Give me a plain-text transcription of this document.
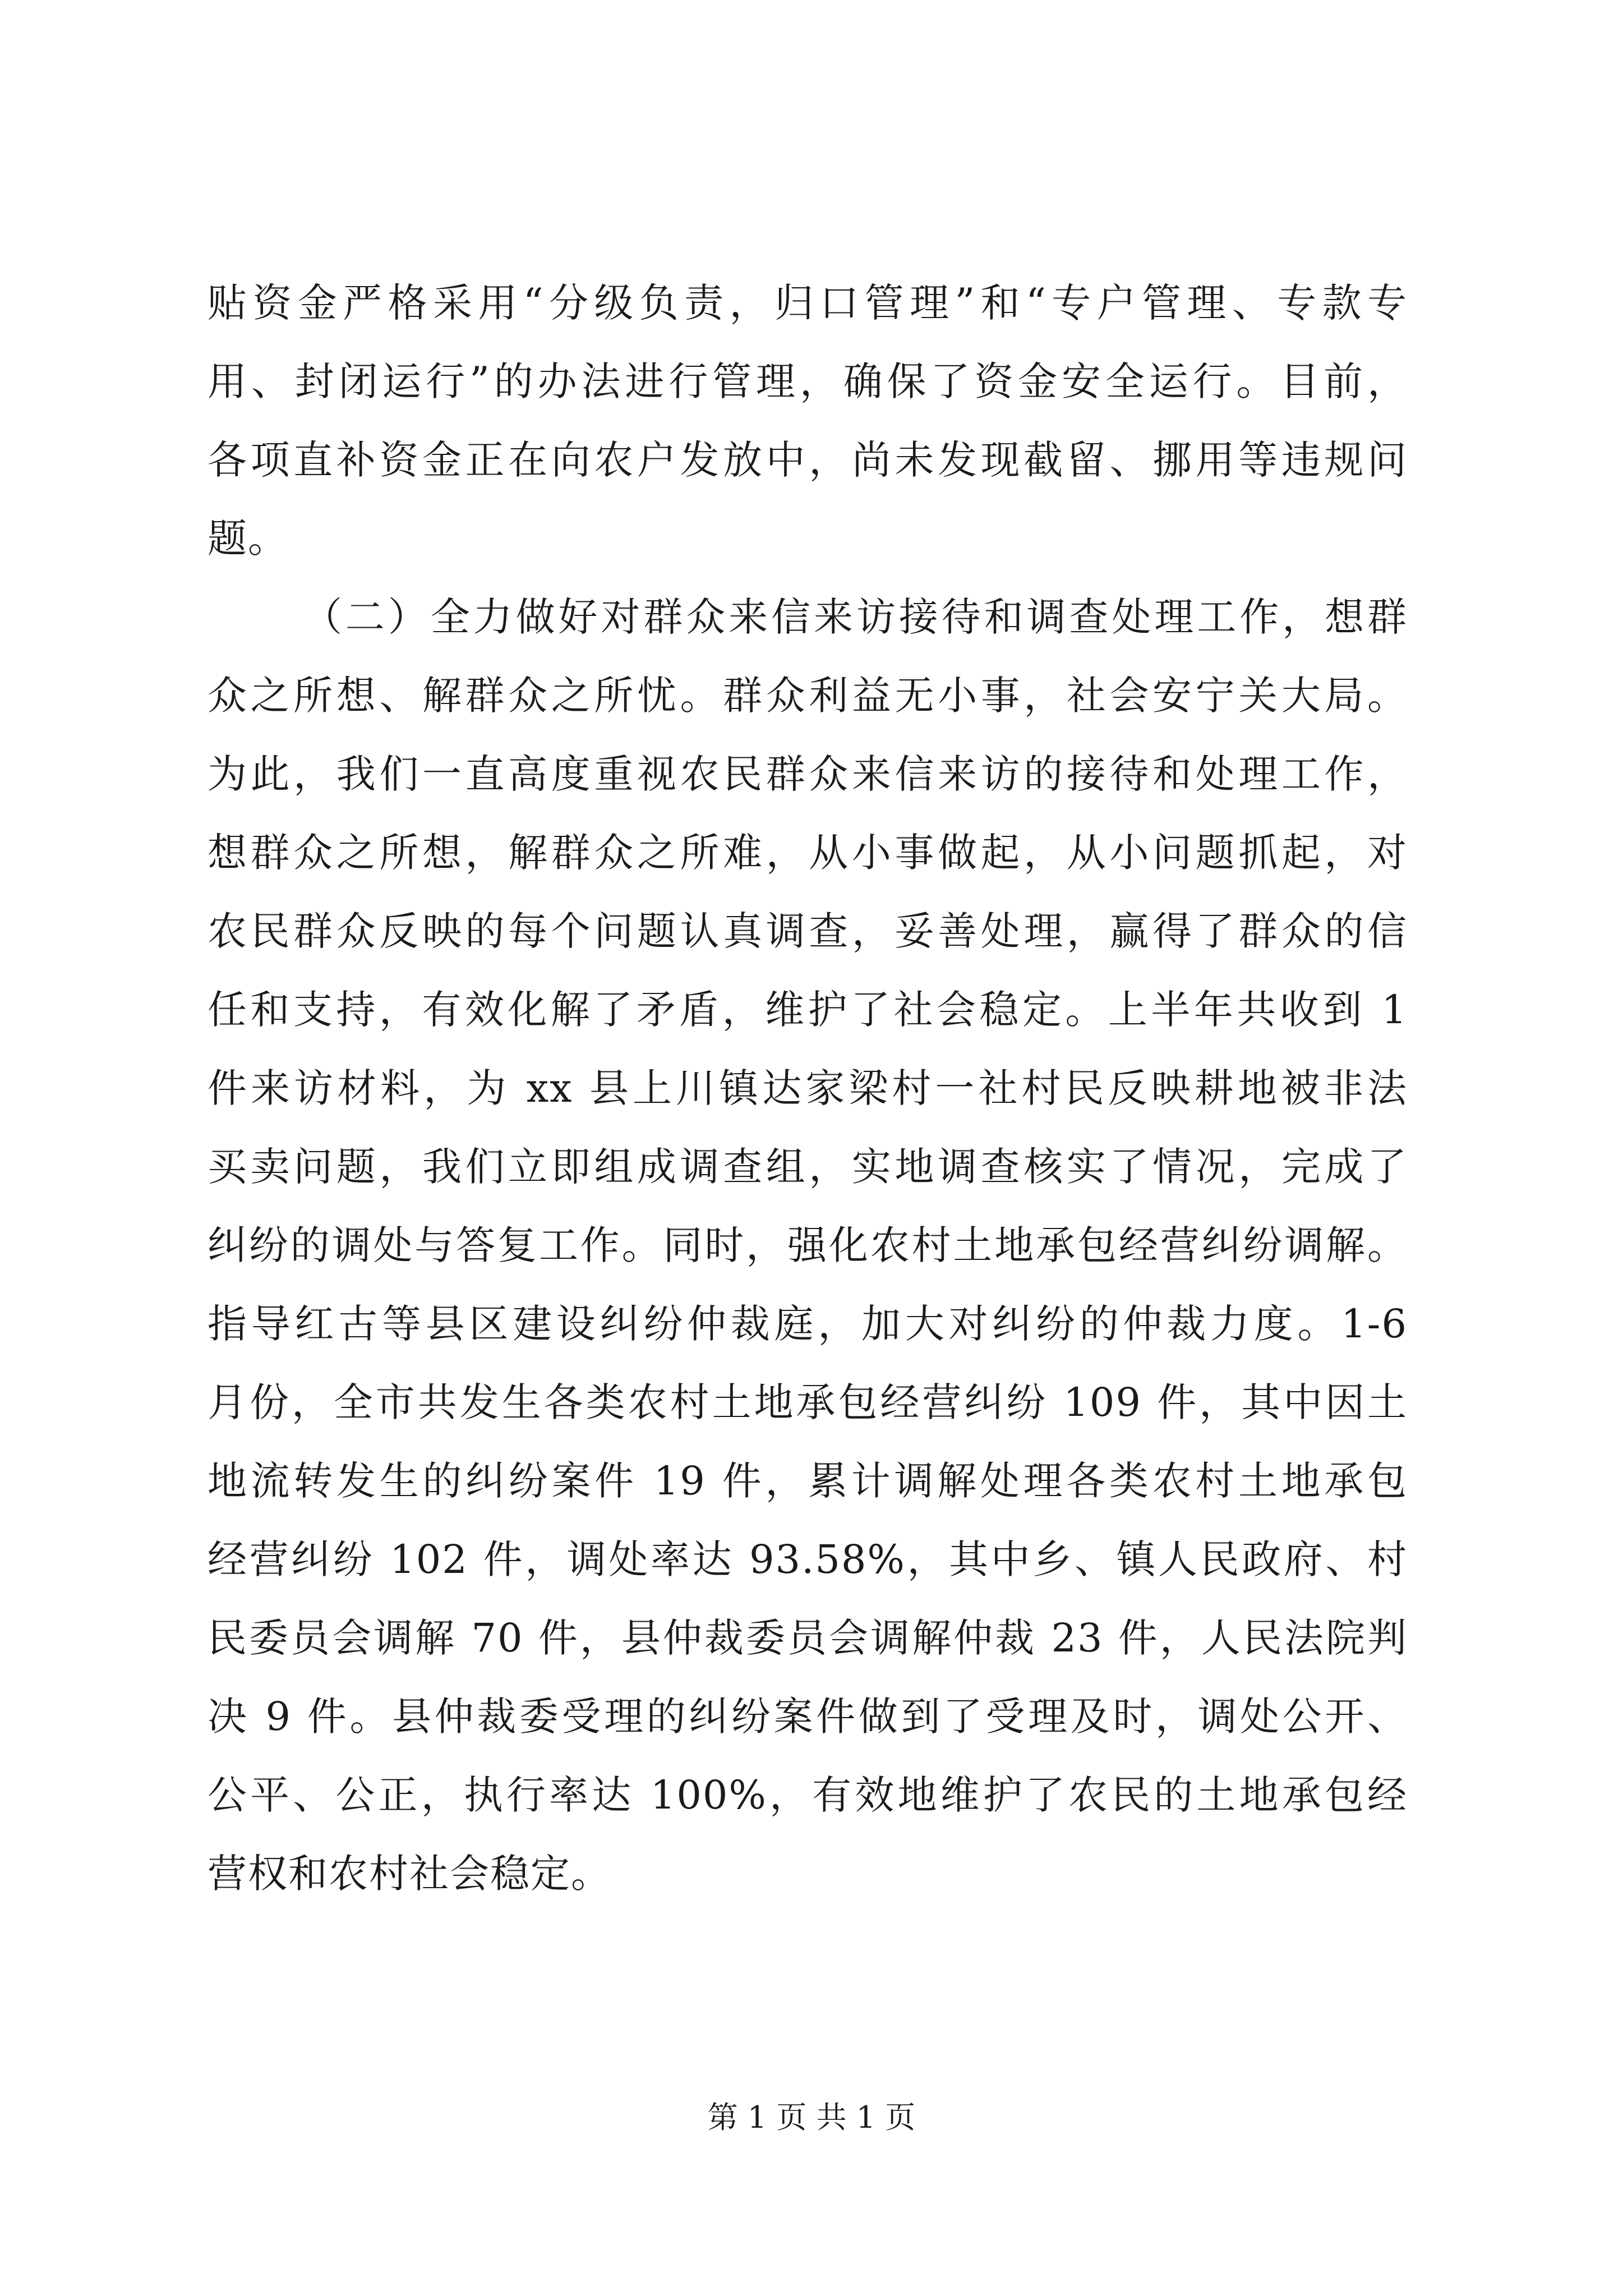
贴资金严格采用“分级负责，归口管理”和“专户管理、专款专
用、封闭运行”的办法进行管理，确保了资金安全运行。目前，
各项直补资金正在向农户发放中，尚未发现截留、挪用等违规问
题。
（二）全力做好对群众来信来访接待和调查处理工作，想群
众之所想、解群众之所忧。群众利益无小事，社会安宁关大局。
为此，我们一直高度重视农民群众来信来访的接待和处理工作，
想群众之所想，解群众之所难，从小事做起，从小问题抓起，对
农民群众反映的每个问题认真调查，妥善处理，赢得了群众的信
任和支持，有效化解了矛盾，维护了社会稳定。上半年共收到 1
件来访材料，为 xx 县上川镇达家梁村一社村民反映耕地被非法
买卖问题，我们立即组成调查组，实地调查核实了情况，完成了
纠纷的调处与答复工作。同时，强化农村土地承包经营纠纷调解。
指导红古等县区建设纠纷仲裁庭，加大对纠纷的仲裁力度。1-6
月份，全市共发生各类农村土地承包经营纠纷 109 件，其中因土
地流转发生的纠纷案件 19 件，累计调解处理各类农村土地承包
经营纠纷 102 件，调处率达 93.58%，其中乡、镇人民政府、村
民委员会调解 70 件，县仲裁委员会调解仲裁 23 件，人民法院判
决 9 件。县仲裁委受理的纠纷案件做到了受理及时，调处公开、
公平、公正，执行率达 100%，有效地维护了农民的土地承包经
营权和农村社会稳定。
第 1 页 共 1 页
